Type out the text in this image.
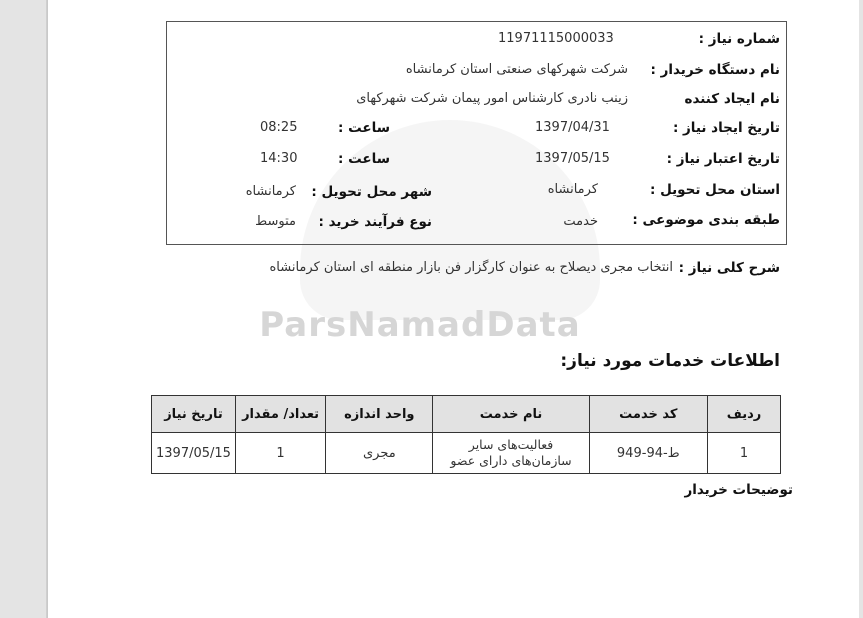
ParsNamadData
شماره نیاز :
11971115000033
نام دستگاه خریدار :
شرکت شهرکهای صنعتی استان کرمانشاه
نام ایجاد کننده
زینب نادری کارشناس امور پیمان شرکت شهرکهای
تاریخ ایجاد نیاز :
1397/04/31
ساعت :
08:25
تاریخ اعتبار نیاز :
1397/05/15
ساعت :
14:30
استان محل تحویل :
کرمانشاه
شهر محل تحویل :
کرمانشاه
طبقه بندی موضوعی :
خدمت
نوع فرآیند خرید :
متوسط
شرح کلی نیاز :
انتخاب مجری دیصلاح به عنوان کارگزار فن بازار منطقه ای استان کرمانشاه
اطلاعات خدمات مورد نیاز:
ردیف	کد خدمت	نام خدمت	واحد اندازه	تعداد/ مقدار	تاریخ نیاز
1	ط-94-949	فعالیت‌های سایر سازمان‌های دارای عضو	مجری	1	1397/05/15
توضیحات خریدار
